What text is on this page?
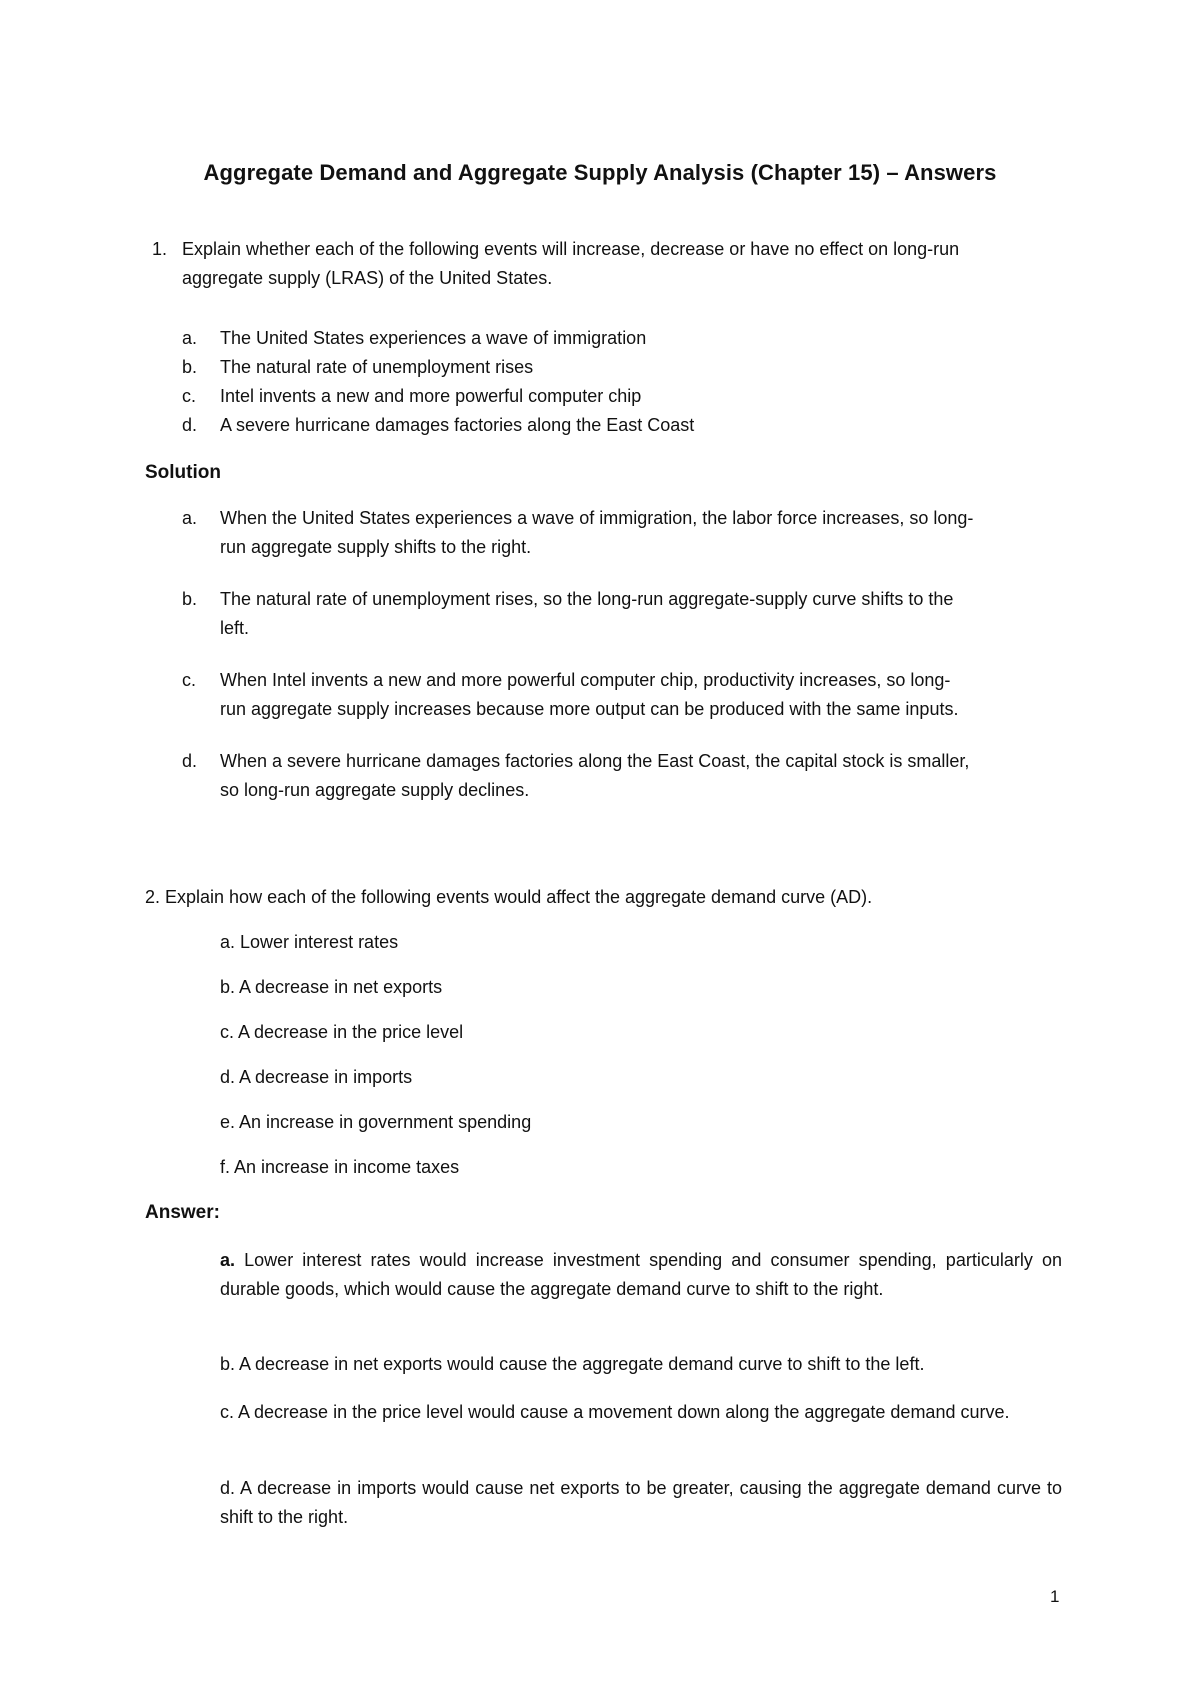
Aggregate Demand and Aggregate Supply Analysis (Chapter 15) – Answers
1. Explain whether each of the following events will increase, decrease or have no effect on long-run
aggregate supply (LRAS) of the United States.
a. The United States experiences a wave of immigration
b. The natural rate of unemployment rises
c. Intel invents a new and more powerful computer chip
d. A severe hurricane damages factories along the East Coast
Solution
a. When the United States experiences a wave of immigration, the labor force increases, so long-
run aggregate supply shifts to the right.
b. The natural rate of unemployment rises, so the long-run aggregate-supply curve shifts to the
left.
c. When Intel invents a new and more powerful computer chip, productivity increases, so long-
run aggregate supply increases because more output can be produced with the same inputs.
d. When a severe hurricane damages factories along the East Coast, the capital stock is smaller,
so long-run aggregate supply declines.
2. Explain how each of the following events would affect the aggregate demand curve (AD).
a. Lower interest rates
b. A decrease in net exports
c. A decrease in the price level
d. A decrease in imports
e. An increase in government spending
f. An increase in income taxes
Answer:
a. Lower interest rates would increase investment spending and consumer spending, particularly on durable goods, which would cause the aggregate demand curve to shift to the right.
b. A decrease in net exports would cause the aggregate demand curve to shift to the left.
c. A decrease in the price level would cause a movement down along the aggregate demand curve.
d. A decrease in imports would cause net exports to be greater, causing the aggregate demand curve to shift to the right.
1
